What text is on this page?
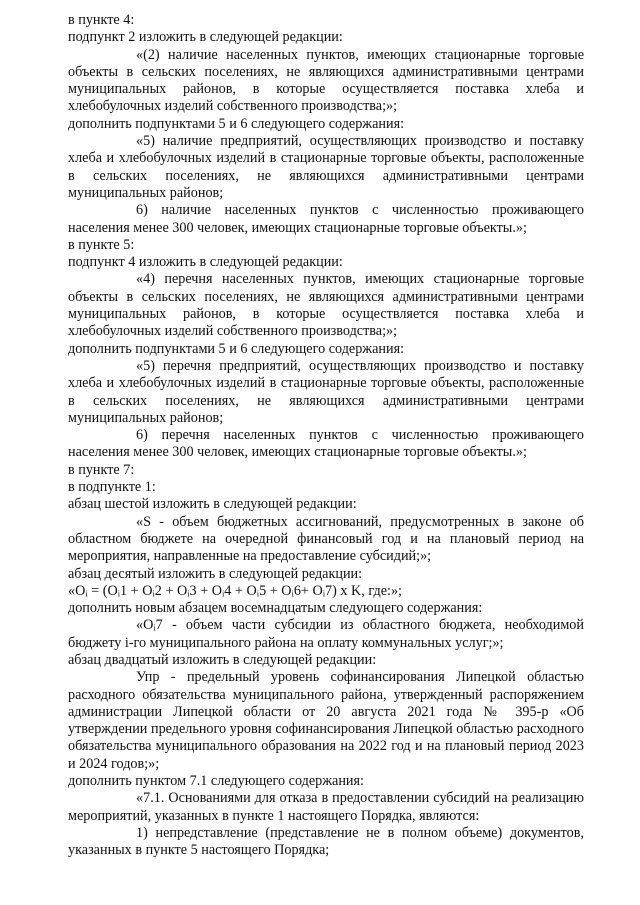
в пункте 4:

подпункт 2 изложить в следующей редакции:

«(2) наличие населенных пунктов, имеющих стационарные торговые объекты в сельских поселениях, не являющихся административными центрами муниципальных районов, в которые осуществляется поставка хлеба и хлебобулочных изделий собственного производства;»;

дополнить подпунктами 5 и 6 следующего содержания:

«5) наличие предприятий, осуществляющих производство и поставку хлеба и хлебобулочных изделий в стационарные торговые объекты, расположенные в сельских поселениях, не являющихся административными центрами муниципальных районов;

6) наличие населенных пунктов с численностью проживающего населения менее 300 человек, имеющих стационарные торговые объекты.»;

в пункте 5:

подпункт 4 изложить в следующей редакции:

«4) перечня населенных пунктов, имеющих стационарные торговые объекты в сельских поселениях, не являющихся административными центрами муниципальных районов, в которые осуществляется поставка хлеба и хлебобулочных изделий собственного производства;»;

дополнить подпунктами 5 и 6 следующего содержания:

«5) перечня предприятий, осуществляющих производство и поставку хлеба и хлебобулочных изделий в стационарные торговые объекты, расположенные в сельских поселениях, не являющихся административными центрами муниципальных районов;

6) перечня населенных пунктов с численностью проживающего населения менее 300 человек, имеющих стационарные торговые объекты.»;

в пункте 7:

в подпункте 1:

абзац шестой изложить в следующей редакции:

«S - объем бюджетных ассигнований, предусмотренных в законе об областном бюджете на очередной финансовый год и на плановый период на мероприятия, направленные на предоставление субсидий;»;

абзац десятый изложить в следующей редакции:

«Oᵢ = (Oᵢ1 + Oᵢ2 + Oᵢ3 + Oᵢ4 + Oᵢ5 + Oᵢ6+ Oᵢ7) x K, где:»;

дополнить новым абзацем восемнадцатым следующего содержания:

«Oᵢ7 - объем части субсидии из областного бюджета, необходимой бюджету i-го муниципального района на оплату коммунальных услуг;»;

абзац двадцатый изложить в следующей редакции:

Упр - предельный уровень софинансирования Липецкой областью расходного обязательства муниципального района, утвержденный распоряжением администрации Липецкой области от 20 августа 2021 года № 395-р «Об утверждении предельного уровня софинансирования Липецкой областью расходного обязательства муниципального образования на 2022 год и на плановый период 2023 и 2024 годов;»;

дополнить пунктом 7.1 следующего содержания:

«7.1. Основаниями для отказа в предоставлении субсидий на реализацию мероприятий, указанных в пункте 1 настоящего Порядка, являются:

1) непредставление (представление не в полном объеме) документов, указанных в пункте 5 настоящего Порядка;
